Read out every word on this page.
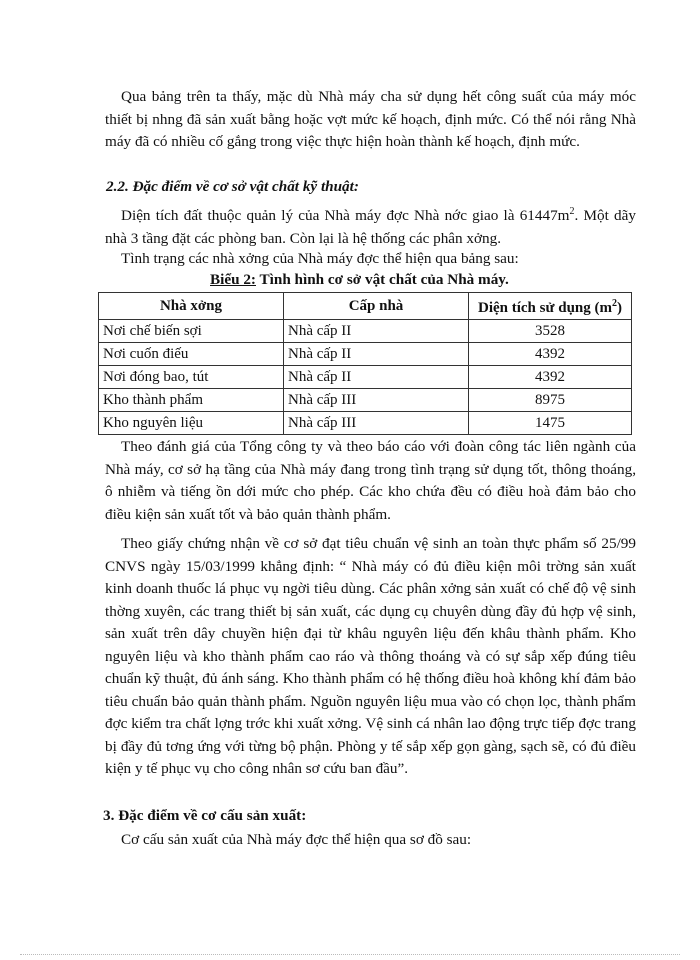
Qua bảng trên ta thấy, mặc dù Nhà máy cha sử dụng hết công suất của máy móc thiết bị nhng đã sản xuất bằng hoặc vợt mức kế hoạch, định mức. Có thể nói rằng Nhà máy đã có nhiều cố gắng trong việc thực hiện hoàn thành kế hoạch, định mức.

2.2. Đặc điểm về cơ sở vật chất kỹ thuật:

Diện tích đất thuộc quản lý của Nhà máy đợc Nhà nớc giao là $61447m^2$. Một dãy nhà 3 tầng đặt các phòng ban. Còn lại là hệ thống các phân xởng.

Tình trạng các nhà xởng của Nhà máy đợc thể hiện qua bảng sau:

Biểu 2: Tình hình cơ sở vật chất của Nhà máy.
Nhà xởng	Cấp nhà	Diện tích sử dụng $(m^2)$
Nơi chế biến sợi	Nhà cấp II	3528
Nơi cuốn điếu	Nhà cấp II	4392
Nơi đóng bao, tút	Nhà cấp II	4392
Kho thành phẩm	Nhà cấp III	8975
Kho nguyên liệu	Nhà cấp III	1475

Theo đánh giá của Tổng công ty và theo báo cáo với đoàn công tác liên ngành của Nhà máy, cơ sở hạ tầng của Nhà máy đang trong tình trạng sử dụng tốt, thông thoáng, ô nhiễm và tiếng ồn dới mức cho phép. Các kho chứa đều có điều hoà đảm bảo cho điều kiện sản xuất tốt và bảo quản thành phẩm.

Theo giấy chứng nhận về cơ sở đạt tiêu chuẩn vệ sinh an toàn thực phẩm số 25/99 CNVS ngày 15/03/1999 khẳng định: “ Nhà máy có đủ điều kiện môi trờng sản xuất kinh doanh thuốc lá phục vụ ngời tiêu dùng. Các phân xởng sản xuất có chế độ vệ sinh thờng xuyên, các trang thiết bị sản xuất, các dụng cụ chuyên dùng đầy đủ hợp vệ sinh, sản xuất trên dây chuyền hiện đại từ khâu nguyên liệu đến khâu thành phẩm. Kho nguyên liệu và kho thành phẩm cao ráo và thông thoáng và có sự sắp xếp đúng tiêu chuẩn kỹ thuật, đủ ánh sáng. Kho thành phẩm có hệ thống điều hoà không khí đảm bảo tiêu chuẩn bảo quản thành phẩm. Nguồn nguyên liệu mua vào có chọn lọc, thành phẩm đợc kiểm tra chất lợng trớc khi xuất xởng. Vệ sinh cá nhân lao động trực tiếp đợc trang bị đầy đủ tơng ứng với từng bộ phận. Phòng y tế sắp xếp gọn gàng, sạch sẽ, có đủ điều kiện y tế phục vụ cho công nhân sơ cứu ban đầu”.

3. Đặc điểm về cơ cấu sản xuất:

Cơ cấu sản xuất của Nhà máy đợc thể hiện qua sơ đồ sau:
